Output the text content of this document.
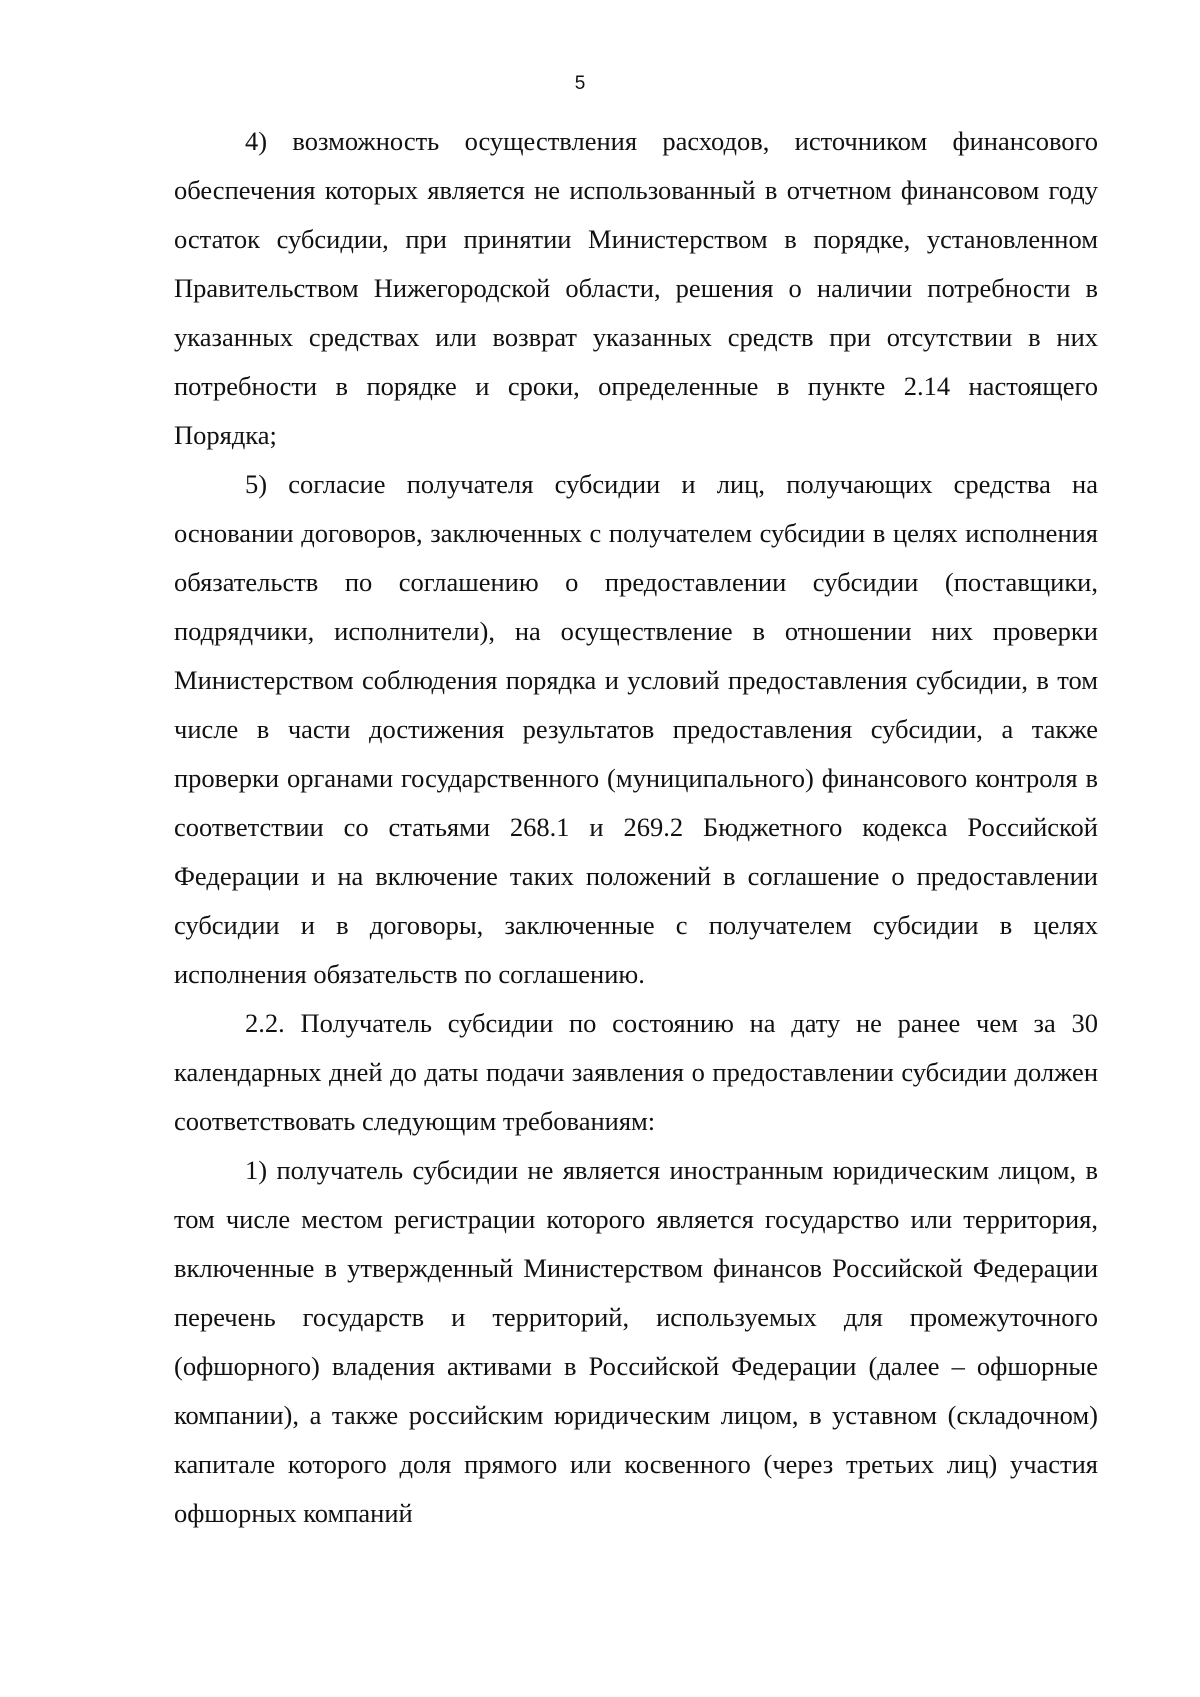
5

4) возможность осуществления расходов, источником финансового обеспечения которых является не использованный в отчетном финансовом году остаток субсидии, при принятии Министерством в порядке, установленном Правительством Нижегородской области, решения о наличии потребности в указанных средствах или возврат указанных средств при отсутствии в них потребности в порядке и сроки, определенные в пункте 2.14 настоящего Порядка;

5) согласие получателя субсидии и лиц, получающих средства на основании договоров, заключенных с получателем субсидии в целях исполнения обязательств по соглашению о предоставлении субсидии (поставщики, подрядчики, исполнители), на осуществление в отношении них проверки Министерством соблюдения порядка и условий предоставления субсидии, в том числе в части достижения результатов предоставления субсидии, а также проверки органами государственного (муниципального) финансового контроля в соответствии со статьями 268.1 и 269.2 Бюджетного кодекса Российской Федерации и на включение таких положений в соглашение о предоставлении субсидии и в договоры, заключенные с получателем субсидии в целях исполнения обязательств по соглашению.

2.2. Получатель субсидии по состоянию на дату не ранее чем за 30 календарных дней до даты подачи заявления о предоставлении субсидии должен соответствовать следующим требованиям:

1) получатель субсидии не является иностранным юридическим лицом, в том числе местом регистрации которого является государство или территория, включенные в утвержденный Министерством финансов Российской Федерации перечень государств и территорий, используемых для промежуточного (офшорного) владения активами в Российской Федерации (далее – офшорные компании), а также российским юридическим лицом, в уставном (складочном) капитале которого доля прямого или косвенного (через третьих лиц) участия офшорных компаний
